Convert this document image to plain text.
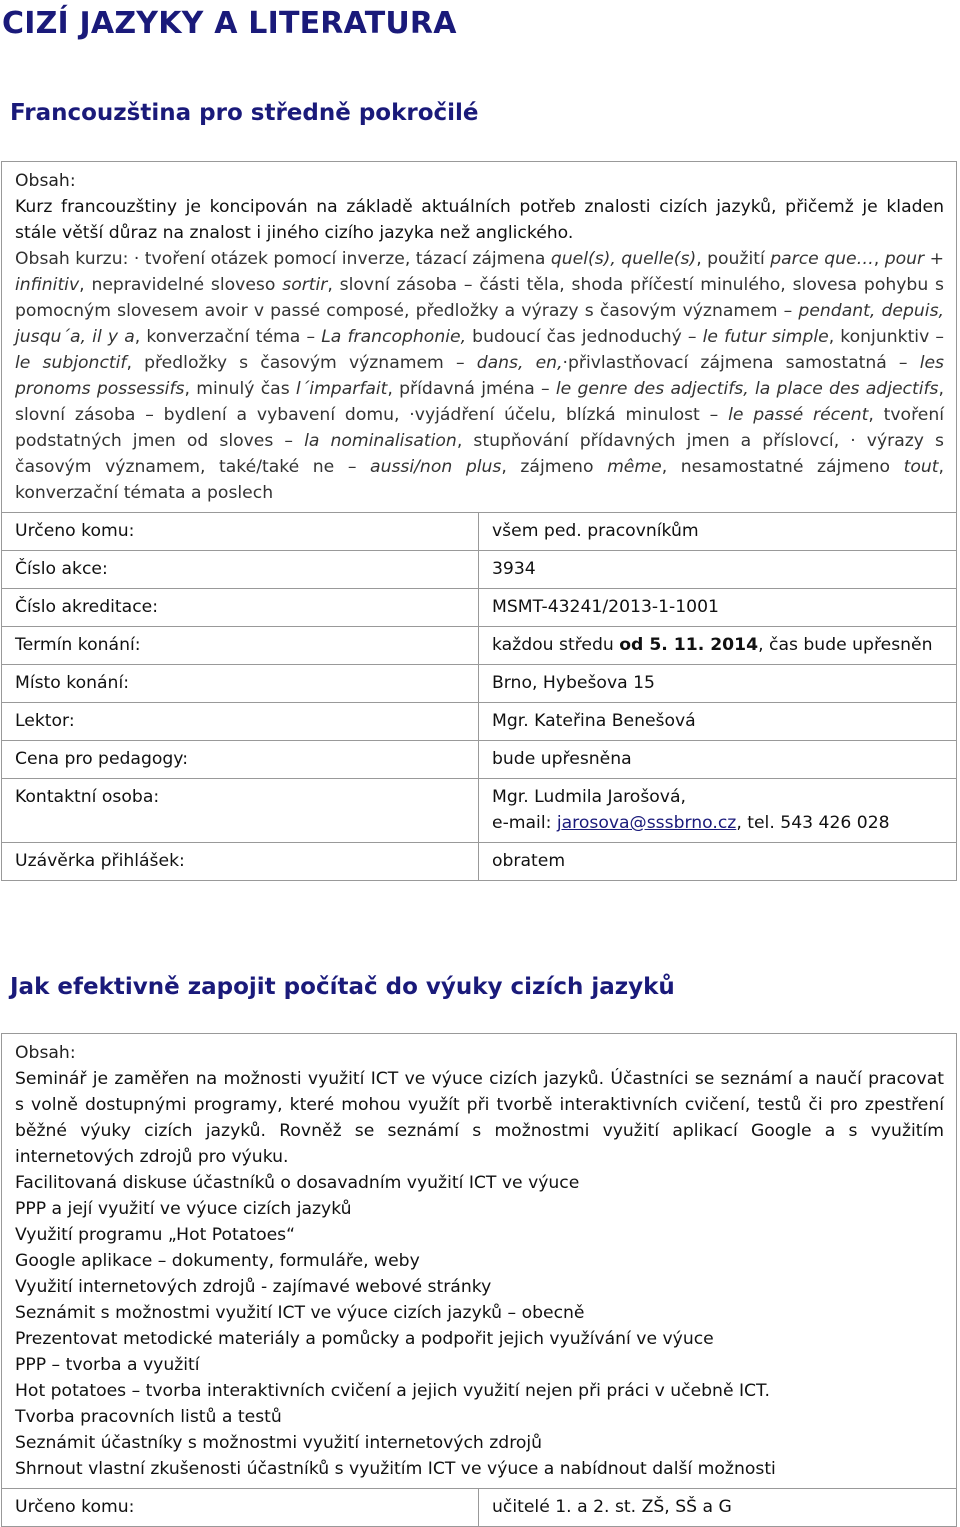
CIZÍ JAZYKY A LITERATURA
Francouzština pro středně pokročilé
Obsah:
Kurz francouzštiny je koncipován na základě aktuálních potřeb znalosti cizích jazyků, přičemž je kladen stále větší důraz na znalost i jiného cizího jazyka než anglického.
Obsah kurzu: · tvoření otázek pomocí inverze, tázací zájmena quel(s), quelle(s), použití parce que…, pour + infinitiv, nepravidelné sloveso sortir, slovní zásoba – části těla, shoda příčestí minulého, slovesa pohybu s pomocným slovesem avoir v passé composé, předložky a výrazy s časovým významem – pendant, depuis, jusqu´a, il y a, konverzační téma – La francophonie, budoucí čas jednoduchý – le futur simple, konjunktiv – le subjonctif, předložky s časovým významem – dans, en,·přivlastňovací zájmena samostatná – les pronoms possessifs, minulý čas l´imparfait, přídavná jména – le genre des adjectifs, la place des adjectifs, slovní zásoba – bydlení a vybavení domu, ·vyjádření účelu, blízká minulost – le passé récent, tvoření podstatných jmen od sloves – la nominalisation, stupňování přídavných jmen a příslovcí, · výrazy s časovým významem, také/také ne – aussi/non plus, zájmeno même, nesamostatné zájmeno tout, konverzační témata a poslech	

Určeno komu:	všem ped. pracovníkům
Číslo akce:	3934
Číslo akreditace:	MSMT-43241/2013-1-1001
Termín konání:	každou středu od 5. 11. 2014, čas bude upřesněn
Místo konání:	Brno, Hybešova 15
Lektor:	Mgr. Kateřina Benešová
Cena pro pedagogy:	bude upřesněna
Kontaktní osoba:	Mgr. Ludmila Jarošová,
e-mail: jarosova@sssbrno.cz, tel. 543 426 028
Uzávěrka přihlášek:	obratem
Jak efektivně zapojit počítač do výuky cizích jazyků
Obsah:
Seminář je zaměřen na možnosti využití ICT ve výuce cizích jazyků. Účastníci se seznámí a naučí pracovat s volně dostupnými programy, které mohou využít při tvorbě interaktivních cvičení, testů či pro zpestření běžné výuky cizích jazyků. Rovněž se seznámí s možnostmi využití aplikací Google a s využitím internetových zdrojů pro výuku.
Facilitovaná diskuse účastníků o dosavadním využití ICT ve výuce
PPP a její využití ve výuce cizích jazyků
Využití programu „Hot Potatoes“
Google aplikace – dokumenty, formuláře, weby
Využití internetových zdrojů - zajímavé webové stránky
Seznámit s možnostmi využití ICT ve výuce cizích jazyků – obecně
Prezentovat metodické materiály a pomůcky a podpořit jejich využívání ve výuce
PPP – tvorba a využití
Hot potatoes – tvorba interaktivních cvičení a jejich využití nejen při práci v učebně ICT.
Tvorba pracovních listů a testů
Seznámit účastníky s možnostmi využití internetových zdrojů
Shrnout vlastní zkušenosti účastníků s využitím ICT ve výuce a nabídnout další možnosti

Určeno komu:	učitelé 1. a 2. st. ZŠ, SŠ a G
